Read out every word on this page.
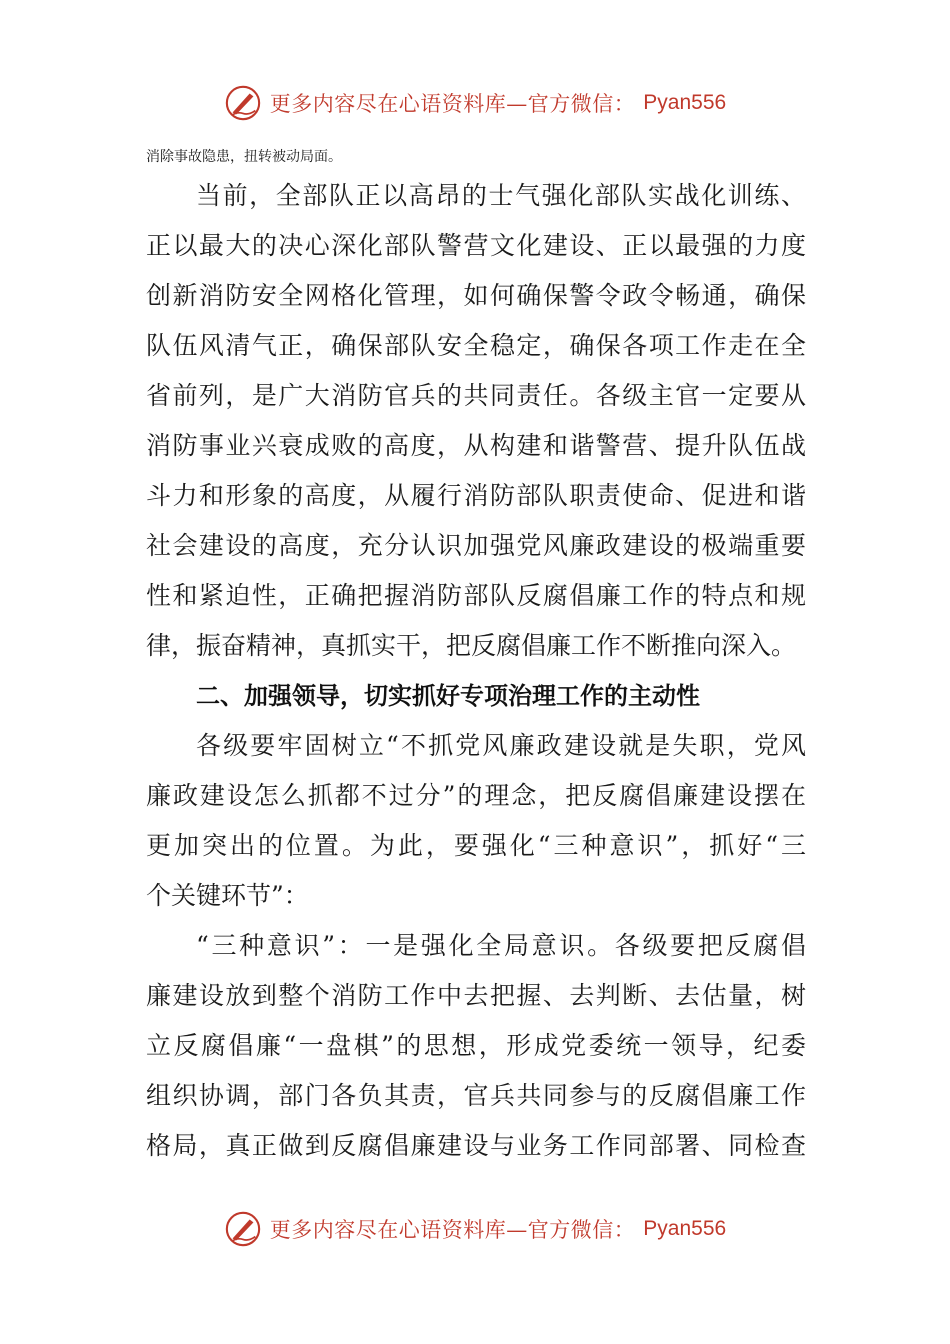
更多内容尽在心语资料库—官方微信： Pyan556
消除事故隐患，扭转被动局面。
当前，全部队正以高昂的士气强化部队实战化训练、
正以最大的决心深化部队警营文化建设、正以最强的力度
创新消防安全网格化管理，如何确保警令政令畅通，确保
队伍风清气正，确保部队安全稳定，确保各项工作走在全
省前列，是广大消防官兵的共同责任。各级主官一定要从
消防事业兴衰成败的高度，从构建和谐警营、提升队伍战
斗力和形象的高度，从履行消防部队职责使命、促进和谐
社会建设的高度，充分认识加强党风廉政建设的极端重要
性和紧迫性，正确把握消防部队反腐倡廉工作的特点和规
律，振奋精神，真抓实干，把反腐倡廉工作不断推向深入。
二、加强领导，切实抓好专项治理工作的主动性
各级要牢固树立“不抓党风廉政建设就是失职，党风
廉政建设怎么抓都不过分”的理念，把反腐倡廉建设摆在
更加突出的位置。为此，要强化“三种意识”，抓好“三
个关键环节”：
“三种意识”：一是强化全局意识。各级要把反腐倡
廉建设放到整个消防工作中去把握、去判断、去估量，树
立反腐倡廉“一盘棋”的思想，形成党委统一领导，纪委
组织协调，部门各负其责，官兵共同参与的反腐倡廉工作
格局，真正做到反腐倡廉建设与业务工作同部署、同检查
更多内容尽在心语资料库—官方微信： Pyan556
